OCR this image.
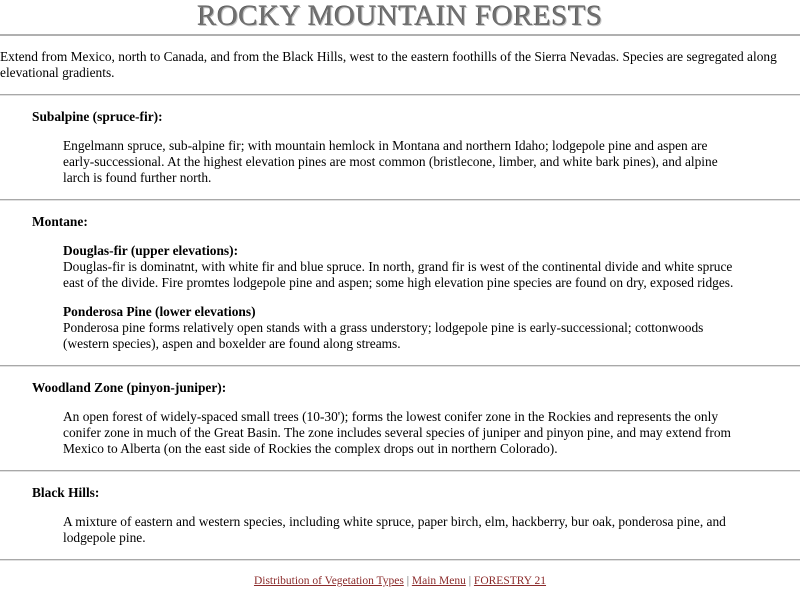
ROCKY MOUNTAIN FORESTS

Extend from Mexico, north to Canada, and from the Black Hills, west to the eastern foothills of the Sierra Nevadas. Species are segregated along elevational gradients.

Subalpine (spruce-fir):
Engelmann spruce, sub-alpine fir; with mountain hemlock in Montana and northern Idaho; lodgepole pine and aspen are early-successional. At the highest elevation pines are most common (bristlecone, limber, and white bark pines), and alpine larch is found further north.
Montane:
Douglas-fir (upper elevations):
Douglas-fir is dominatnt, with white fir and blue spruce. In north, grand fir is west of the continental divide and white spruce east of the divide. Fire promtes lodgepole pine and aspen; some high elevation pine species are found on dry, exposed ridges.
Ponderosa Pine (lower elevations)
Ponderosa pine forms relatively open stands with a grass understory; lodgepole pine is early-successional; cottonwoods (western species), aspen and boxelder are found along streams.
Woodland Zone (pinyon-juniper):
An open forest of widely-spaced small trees (10-30'); forms the lowest conifer zone in the Rockies and represents the only conifer zone in much of the Great Basin. The zone includes several species of juniper and pinyon pine, and may extend from Mexico to Alberta (on the east side of Rockies the complex drops out in northern Colorado).
Black Hills:
A mixture of eastern and western species, including white spruce, paper birch, elm, hackberry, bur oak, ponderosa pine, and lodgepole pine.
Distribution of Vegetation Types | Main Menu | FORESTRY 21
